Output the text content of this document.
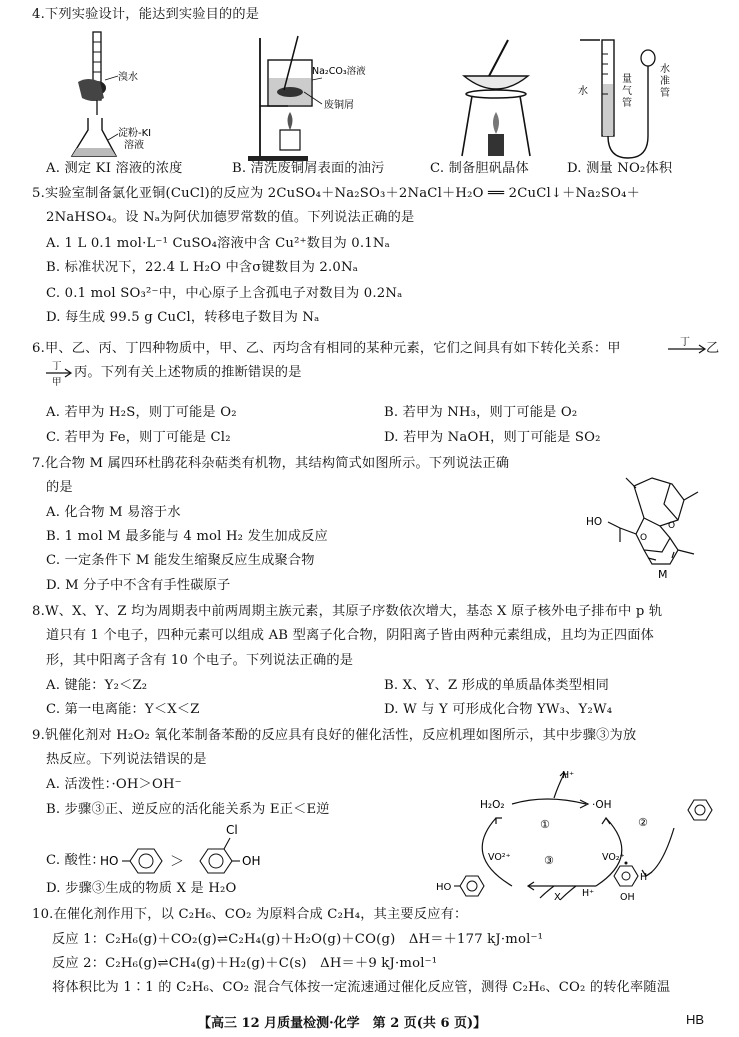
4.下列实验设计，能达到实验目的的是
溴水
淀粉-KI
溶液
Na₂CO₃溶液
废铜屑
水
量
气
管
水
准
管
A. 测定 KI 溶液的浓度	B. 清洗废铜屑表面的油污	C. 制备胆矾晶体	D. 测量 NO₂体积
5.实验室制备氯化亚铜(CuCl)的反应为 2CuSO₄＋Na₂SO₃＋2NaCl＋H₂O ══ 2CuCl↓＋Na₂SO₄＋
2NaHSO₄。设 Nₐ为阿伏加德罗常数的值。下列说法正确的是
A. 1 L 0.1 mol·L⁻¹ CuSO₄溶液中含 Cu²⁺数目为 0.1Nₐ
B. 标准状况下，22.4 L H₂O 中含σ键数目为 2.0Nₐ
C. 0.1 mol SO₃²⁻中，中心原子上含孤电子对数目为 0.2Nₐ
D. 每生成 99.5 g CuCl，转移电子数目为 Nₐ
6.甲、乙、丙、丁四种物质中，甲、乙、丙均含有相同的某种元素，它们之间具有如下转化关系：甲	丁 乙
丁
甲
丙。下列有关上述物质的推断错误的是
A. 若甲为 H₂S，则丁可能是 O₂	B. 若甲为 NH₃，则丁可能是 O₂
C. 若甲为 Fe，则丁可能是 Cl₂	D. 若甲为 NaOH，则丁可能是 SO₂
7.化合物 M 属四环杜鹃花科杂萜类有机物，其结构简式如图所示。下列说法正确
的是
A. 化合物 M 易溶于水
B. 1 mol M 最多能与 4 mol H₂ 发生加成反应
C. 一定条件下 M 能发生缩聚反应生成聚合物
D. M 分子中不含有手性碳原子
HO
O
O
M
8.W、X、Y、Z 均为周期表中前两周期主族元素，其原子序数依次增大，基态 X 原子核外电子排布中 p 轨
道只有 1 个电子，四种元素可以组成 AB 型离子化合物，阴阳离子皆由两种元素组成，且均为正四面体
形，其中阳离子含有 10 个电子。下列说法正确的是
A. 键能：Y₂＜Z₂	B. X、Y、Z 形成的单质晶体类型相同
C. 第一电离能：Y＜X＜Z	D. W 与 Y 可形成化合物 YW₃、Y₂W₄
9.钒催化剂对 H₂O₂ 氧化苯制备苯酚的反应具有良好的催化活性，反应机理如图所示，其中步骤③为放
热反应。下列说法错误的是
A. 活泼性：·OH＞OH⁻
B. 步骤③正、逆反应的活化能关系为 E正＜E逆
C. 酸性：
HO	＞
Cl
OH
D. 步骤③生成的物质 X 是 H₂O
H₂O₂
H⁺
·OH
①	②
③
VO²⁺	VO₂⁺
HO
X H⁺
H
OH
10.在催化剂作用下，以 C₂H₆、CO₂ 为原料合成 C₂H₄，其主要反应有：
反应 1：C₂H₆(g)＋CO₂(g)⇌C₂H₄(g)＋H₂O(g)＋CO(g)　ΔH＝＋177 kJ·mol⁻¹
反应 2：C₂H₆(g)⇌CH₄(g)＋H₂(g)＋C(s)　ΔH＝＋9 kJ·mol⁻¹
将体积比为 1∶1 的 C₂H₆、CO₂ 混合气体按一定流速通过催化反应管，测得 C₂H₆、CO₂ 的转化率随温
【高三 12 月质量检测·化学　第 2 页(共 6 页)】	HB
